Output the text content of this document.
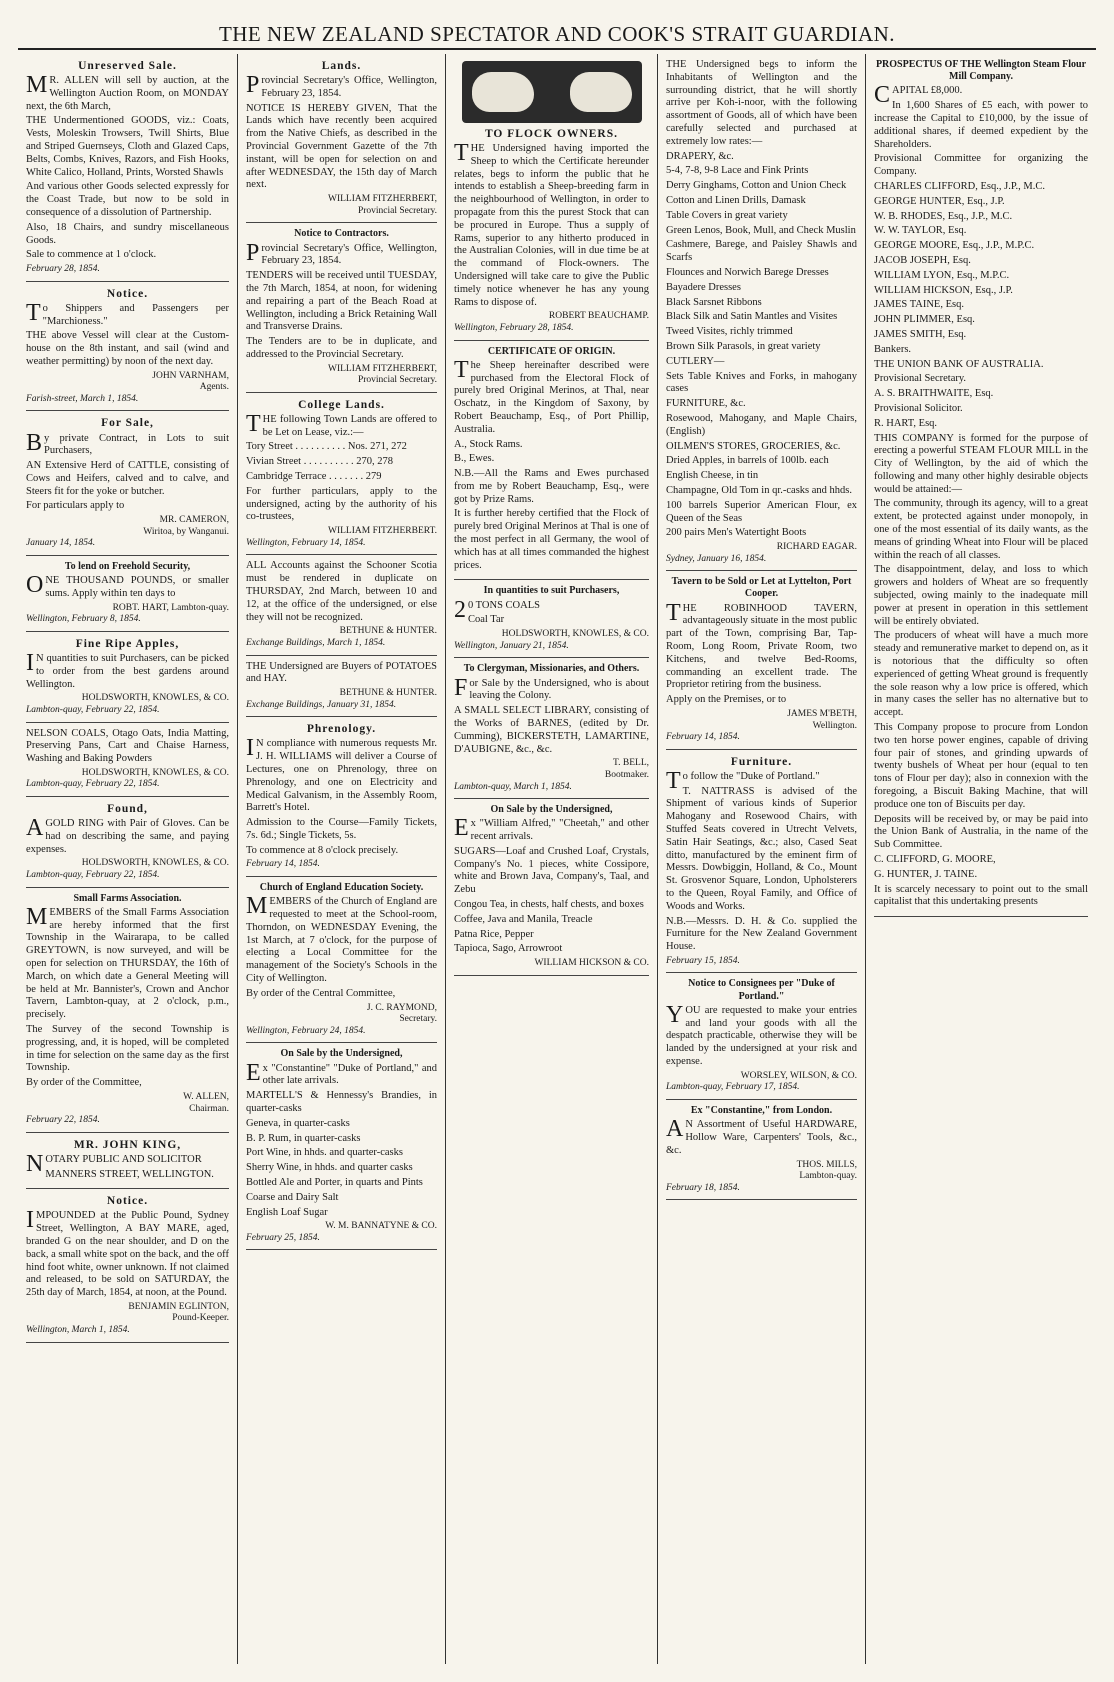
THE NEW ZEALAND SPECTATOR AND COOK'S STRAIT GUARDIAN.
Unreserved Sale.

MR. ALLEN will sell by auction, at the Wellington Auction Room, on MONDAY next, the 6th March,

THE Undermentioned GOODS, viz.: Coats, Vests, Moleskin Trowsers, Twill Shirts, Blue and Striped Guernseys, Cloth and Glazed Caps, Belts, Combs, Knives, Razors, and Fish Hooks, White Calico, Holland, Prints, Worsted Shawls

And various other Goods selected expressly for the Coast Trade, but now to be sold in consequence of a dissolution of Partnership.

Also, 18 Chairs, and sundry miscellaneous Goods.

Sale to commence at 1 o'clock.

February 28, 1854.
Notice.

To Shippers and Passengers per "Marchioness."

THE above Vessel will clear at the Custom-house on the 8th instant, and sail (wind and weather permitting) by noon of the next day.

JOHN VARNHAM,
Agents.
Farish-street, March 1, 1854.
For Sale,

By private Contract, in Lots to suit Purchasers,

AN Extensive Herd of CATTLE, consisting of Cows and Heifers, calved and to calve, and Steers fit for the yoke or butcher.

For particulars apply to

MR. CAMERON,
Wiritoa, by Wanganui.
January 14, 1854.
To lend on Freehold Security,

ONE THOUSAND POUNDS, or smaller sums. Apply within ten days to

ROBT. HART, Lambton-quay.
Wellington, February 8, 1854.
Fine Ripe Apples,

IN quantities to suit Purchasers, can be picked to order from the best gardens around Wellington.

HOLDSWORTH, KNOWLES, & CO.
Lambton-quay, February 22, 1854.

NELSON COALS, Otago Oats, India Matting, Preserving Pans, Cart and Chaise Harness, Washing and Baking Powders

HOLDSWORTH, KNOWLES, & CO.
Lambton-quay, February 22, 1854.
Found,

AGOLD RING with Pair of Gloves. Can be had on describing the same, and paying expenses.

HOLDSWORTH, KNOWLES, & CO.
Lambton-quay, February 22, 1854.
Small Farms Association.

MEMBERS of the Small Farms Association are hereby informed that the first Township in the Wairarapa, to be called GREYTOWN, is now surveyed, and will be open for selection on THURSDAY, the 16th of March, on which date a General Meeting will be held at Mr. Bannister's, Crown and Anchor Tavern, Lambton-quay, at 2 o'clock, p.m., precisely.

The Survey of the second Township is progressing, and, it is hoped, will be completed in time for selection on the same day as the first Township.

By order of the Committee,

W. ALLEN,
Chairman.
February 22, 1854.
MR. JOHN KING,

NOTARY PUBLIC AND SOLICITOR

MANNERS STREET, WELLINGTON.

Notice.

IMPOUNDED at the Public Pound, Sydney Street, Wellington, A BAY MARE, aged, branded G on the near shoulder, and D on the back, a small white spot on the back, and the off hind foot white, owner unknown. If not claimed and released, to be sold on SATURDAY, the 25th day of March, 1854, at noon, at the Pound.

BENJAMIN EGLINTON,
Pound-Keeper.
Wellington, March 1, 1854.
Lands.

Provincial Secretary's Office, Wellington, February 23, 1854.

NOTICE IS HEREBY GIVEN, That the Lands which have recently been acquired from the Native Chiefs, as described in the Provincial Government Gazette of the 7th instant, will be open for selection on and after WEDNESDAY, the 15th day of March next.

WILLIAM FITZHERBERT,
Provincial Secretary.
Notice to Contractors.

Provincial Secretary's Office, Wellington, February 23, 1854.

TENDERS will be received until TUESDAY, the 7th March, 1854, at noon, for widening and repairing a part of the Beach Road at Wellington, including a Brick Retaining Wall and Transverse Drains.

The Tenders are to be in duplicate, and addressed to the Provincial Secretary.

WILLIAM FITZHERBERT,
Provincial Secretary.
College Lands.

THE following Town Lands are offered to be Let on Lease, viz.:—

Tory Street . . . . . . . . . . Nos. 271, 272

Vivian Street . . . . . . . . . . 270, 278

Cambridge Terrace . . . . . . . 279

For further particulars, apply to the undersigned, acting by the authority of his co-trustees,

WILLIAM FITZHERBERT.
Wellington, February 14, 1854.

ALL Accounts against the Schooner Scotia must be rendered in duplicate on THURSDAY, 2nd March, between 10 and 12, at the office of the undersigned, or else they will not be recognized.

BETHUNE & HUNTER.
Exchange Buildings, March 1, 1854.

THE Undersigned are Buyers of POTATOES and HAY.

BETHUNE & HUNTER.
Exchange Buildings, January 31, 1854.
Phrenology.

IN compliance with numerous requests Mr. J. H. WILLIAMS will deliver a Course of Lectures, one on Phrenology, three on Phrenology, and one on Electricity and Medical Galvanism, in the Assembly Room, Barrett's Hotel.

Admission to the Course—Family Tickets, 7s. 6d.; Single Tickets, 5s.

To commence at 8 o'clock precisely.

February 14, 1854.
Church of England Education Society.

MEMBERS of the Church of England are requested to meet at the School-room, Thorndon, on WEDNESDAY Evening, the 1st March, at 7 o'clock, for the purpose of electing a Local Committee for the management of the Society's Schools in the City of Wellington.

By order of the Central Committee,

J. C. RAYMOND,
Secretary.
Wellington, February 24, 1854.
On Sale by the Undersigned,

Ex "Constantine" "Duke of Portland," and other late arrivals.

MARTELL'S & Hennessy's Brandies, in quarter-casks

Geneva, in quarter-casks

B. P. Rum, in quarter-casks

Port Wine, in hhds. and quarter-casks

Sherry Wine, in hhds. and quarter casks

Bottled Ale and Porter, in quarts and Pints

Coarse and Dairy Salt

English Loaf Sugar

W. M. BANNATYNE & CO.
February 25, 1854.
TO FLOCK OWNERS.

THE Undersigned having imported the Sheep to which the Certificate hereunder relates, begs to inform the public that he intends to establish a Sheep-breeding farm in the neighbourhood of Wellington, in order to propagate from this the purest Stock that can be procured in Europe. Thus a supply of Rams, superior to any hitherto produced in the Australian Colonies, will in due time be at the command of Flock-owners. The Undersigned will take care to give the Public timely notice whenever he has any young Rams to dispose of.

ROBERT BEAUCHAMP.
Wellington, February 28, 1854.
CERTIFICATE OF ORIGIN.

The Sheep hereinafter described were purchased from the Electoral Flock of purely bred Original Merinos, at Thal, near Oschatz, in the Kingdom of Saxony, by Robert Beauchamp, Esq., of Port Phillip, Australia.

A., Stock Rams.

B., Ewes.

N.B.—All the Rams and Ewes purchased from me by Robert Beauchamp, Esq., were got by Prize Rams.

It is further hereby certified that the Flock of purely bred Original Merinos at Thal is one of the most perfect in all Germany, the wool of which has at all times commanded the highest prices.

In quantities to suit Purchasers,

20 TONS COALS

Coal Tar

HOLDSWORTH, KNOWLES, & CO.
Wellington, January 21, 1854.
To Clergyman, Missionaries, and Others.

For Sale by the Undersigned, who is about leaving the Colony.

A SMALL SELECT LIBRARY, consisting of the Works of BARNES, (edited by Dr. Cumming), BICKERSTETH, LAMARTINE, D'AUBIGNE, &c., &c.

T. BELL,
Bootmaker.
Lambton-quay, March 1, 1854.
On Sale by the Undersigned,

Ex "William Alfred," "Cheetah," and other recent arrivals.

SUGARS—Loaf and Crushed Loaf, Crystals, Company's No. 1 pieces, white Cossipore, white and Brown Java, Company's, Taal, and Zebu

Congou Tea, in chests, half chests, and boxes

Coffee, Java and Manila, Treacle

Patna Rice, Pepper

Tapioca, Sago, Arrowroot

WILLIAM HICKSON & CO.

THE Undersigned begs to inform the Inhabitants of Wellington and the surrounding district, that he will shortly arrive per Koh-i-noor, with the following assortment of Goods, all of which have been carefully selected and purchased at extremely low rates:—

DRAPERY, &c.

5-4, 7-8, 9-8 Lace and Fink Prints

Derry Ginghams, Cotton and Union Check

Cotton and Linen Drills, Damask

Table Covers in great variety

Green Lenos, Book, Mull, and Check Muslin

Cashmere, Barege, and Paisley Shawls and Scarfs

Flounces and Norwich Barege Dresses

Bayadere Dresses

Black Sarsnet Ribbons

Black Silk and Satin Mantles and Visites

Tweed Visites, richly trimmed

Brown Silk Parasols, in great variety

CUTLERY—

Sets Table Knives and Forks, in mahogany cases

FURNITURE, &c.

Rosewood, Mahogany, and Maple Chairs, (English)

OILMEN'S STORES, GROCERIES, &c.

Dried Apples, in barrels of 100lb. each

English Cheese, in tin

Champagne, Old Tom in qr.-casks and hhds.

100 barrels Superior American Flour, ex Queen of the Seas

200 pairs Men's Watertight Boots

RICHARD EAGAR.
Sydney, January 16, 1854.
Tavern to be Sold or Let at Lyttelton, Port Cooper.

THE ROBINHOOD TAVERN, advantageously situate in the most public part of the Town, comprising Bar, Tap-Room, Long Room, Private Room, two Kitchens, and twelve Bed-Rooms, commanding an excellent trade. The Proprietor retiring from the business.

Apply on the Premises, or to

JAMES M'BETH,
Wellington.
February 14, 1854.
Furniture.

To follow the "Duke of Portland."

T. NATTRASS is advised of the Shipment of various kinds of Superior Mahogany and Rosewood Chairs, with Stuffed Seats covered in Utrecht Velvets, Satin Hair Seatings, &c.; also, Cased Seat ditto, manufactured by the eminent firm of Messrs. Dowbiggin, Holland, & Co., Mount St. Grosvenor Square, London, Upholsterers to the Queen, Royal Family, and Office of Woods and Works.

N.B.—Messrs. D. H. & Co. supplied the Furniture for the New Zealand Government House.

February 15, 1854.
Notice to Consignees per "Duke of Portland."

YOU are requested to make your entries and land your goods with all the despatch practicable, otherwise they will be landed by the undersigned at your risk and expense.

WORSLEY, WILSON, & CO.
Lambton-quay, February 17, 1854.
Ex "Constantine," from London.

AN Assortment of Useful HARDWARE, Hollow Ware, Carpenters' Tools, &c., &c.

THOS. MILLS,
Lambton-quay.
February 18, 1854.
PROSPECTUS OF THE Wellington Steam Flour Mill Company.

CAPITAL £8,000.

In 1,600 Shares of £5 each, with power to increase the Capital to £10,000, by the issue of additional shares, if deemed expedient by the Shareholders.

Provisional Committee for organizing the Company.

CHARLES CLIFFORD, Esq., J.P., M.C.

GEORGE HUNTER, Esq., J.P.

W. B. RHODES, Esq., J.P., M.C.

W. W. TAYLOR, Esq.

GEORGE MOORE, Esq., J.P., M.P.C.

JACOB JOSEPH, Esq.

WILLIAM LYON, Esq., M.P.C.

WILLIAM HICKSON, Esq., J.P.

JAMES TAINE, Esq.

JOHN PLIMMER, Esq.

JAMES SMITH, Esq.

Bankers.

THE UNION BANK OF AUSTRALIA.

Provisional Secretary.

A. S. BRAITHWAITE, Esq.

Provisional Solicitor.

R. HART, Esq.

THIS COMPANY is formed for the purpose of erecting a powerful STEAM FLOUR MILL in the City of Wellington, by the aid of which the following and many other highly desirable objects would be attained:—

The community, through its agency, will to a great extent, be protected against under monopoly, in one of the most essential of its daily wants, as the means of grinding Wheat into Flour will be placed within the reach of all classes.

The disappointment, delay, and loss to which growers and holders of Wheat are so frequently subjected, owing mainly to the inadequate mill power at present in operation in this settlement will be entirely obviated.

The producers of wheat will have a much more steady and remunerative market to depend on, as it is notorious that the difficulty so often experienced of getting Wheat ground is frequently the sole reason why a low price is offered, which in many cases the seller has no alternative but to accept.

This Company propose to procure from London two ten horse power engines, capable of driving four pair of stones, and grinding upwards of twenty bushels of Wheat per hour (equal to ten tons of Flour per day); also in connexion with the foregoing, a Biscuit Baking Machine, that will produce one ton of Biscuits per day.

Deposits will be received by, or may be paid into the Union Bank of Australia, in the name of the Sub Committee.

C. CLIFFORD, G. MOORE,

G. HUNTER, J. TAINE.

It is scarcely necessary to point out to the small capitalist that this undertaking presents
